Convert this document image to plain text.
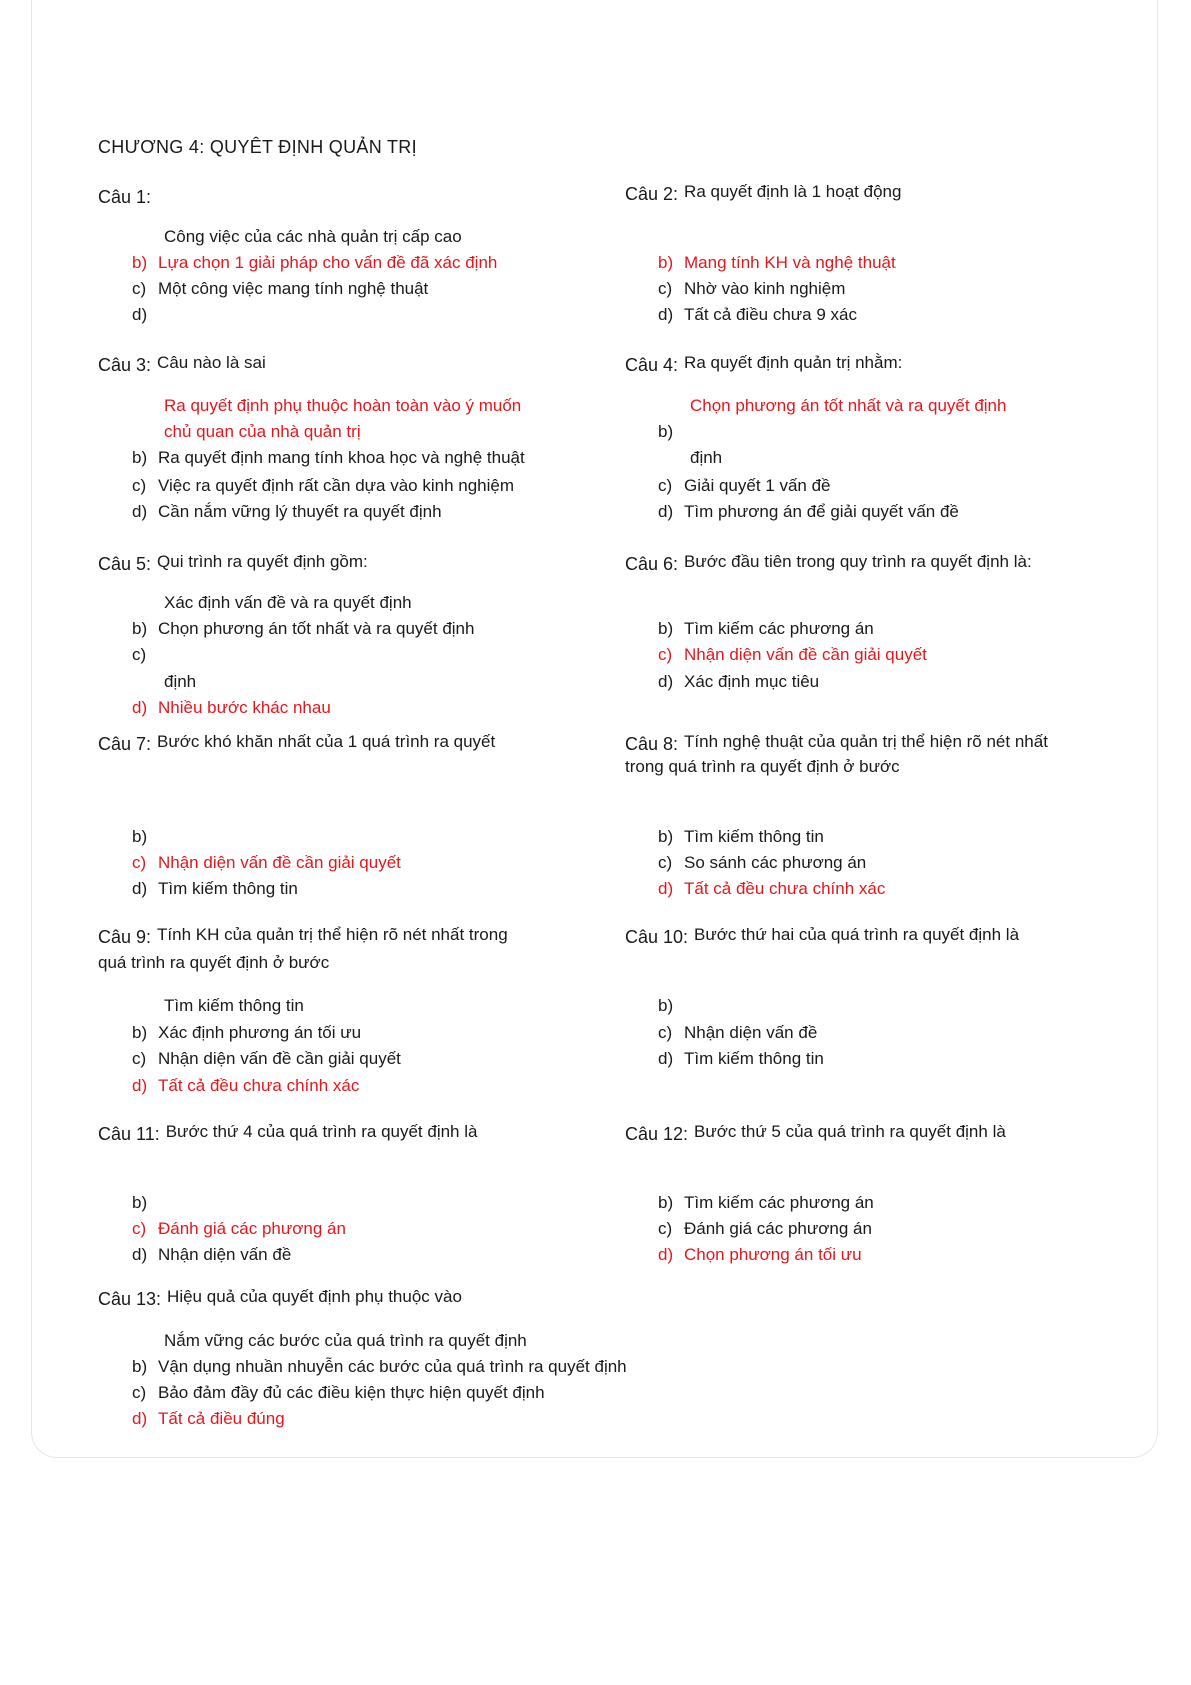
CHƯƠNG 4: QUYÊT ĐỊNH QUẢN TRỊ
Câu 1:
Công việc của các nhà quản trị cấp cao
b) Lựa chọn 1 giải pháp cho vấn đề đã xác định
c) Một công việc mang tính nghệ thuật
d)
Câu 2: Ra quyết định là 1 hoạt động
b) Mang tính KH và nghệ thuật
c) Nhờ vào kinh nghiệm
d) Tất cả điều chưa 9 xác
Câu 3: Câu nào là sai
Ra quyết định phụ thuộc hoàn toàn vào ý muốn
chủ quan của nhà quản trị
b) Ra quyết định mang tính khoa học và nghệ thuật
c) Việc ra quyết định rất cần dựa vào kinh nghiệm
d) Cần nắm vững lý thuyết ra quyết định
Câu 4: Ra quyết định quản trị nhằm:
Chọn phương án tốt nhất và ra quyết định
b)
định
c) Giải quyết 1 vấn đề
d) Tìm phương án để giải quyết vấn đề
Câu 5: Qui trình ra quyết định gồm:
Xác định vấn đề và ra quyết định
b) Chọn phương án tốt nhất và ra quyết định
c)
định
d) Nhiều bước khác nhau
Câu 6: Bước đầu tiên trong quy trình ra quyết định là:
b) Tìm kiếm các phương án
c) Nhận diện vấn đề cần giải quyết
d) Xác định mục tiêu
Câu 7: Bước khó khăn nhất của 1 quá trình ra quyết
b)
c) Nhận diện vấn đề cần giải quyết
d) Tìm kiếm thông tin
Câu 8: Tính nghệ thuật của quản trị thể hiện rõ nét nhất
trong quá trình ra quyết định ở bước
b) Tìm kiếm thông tin
c) So sánh các phương án
d) Tất cả đều chưa chính xác
Câu 9: Tính KH của quản trị thể hiện rõ nét nhất trong
quá trình ra quyết định ở bước
Tìm kiếm thông tin
b) Xác định phương án tối ưu
c) Nhận diện vấn đề cần giải quyết
d) Tất cả đều chưa chính xác
Câu 10: Bước thứ hai của quá trình ra quyết định là
b)
c) Nhận diện vấn đề
d) Tìm kiếm thông tin
Câu 11: Bước thứ 4 của quá trình ra quyết định là
b)
c) Đánh giá các phương án
d) Nhận diện vấn đề
Câu 12: Bước thứ 5 của quá trình ra quyết định là
b) Tìm kiếm các phương án
c) Đánh giá các phương án
d) Chọn phương án tối ưu
Câu 13: Hiệu quả của quyết định phụ thuộc vào
Nắm vững các bước của quá trình ra quyết định
b) Vận dụng nhuần nhuyễn các bước của quá trình ra quyết định
c) Bảo đảm đầy đủ các điều kiện thực hiện quyết định
d) Tất cả điều đúng
